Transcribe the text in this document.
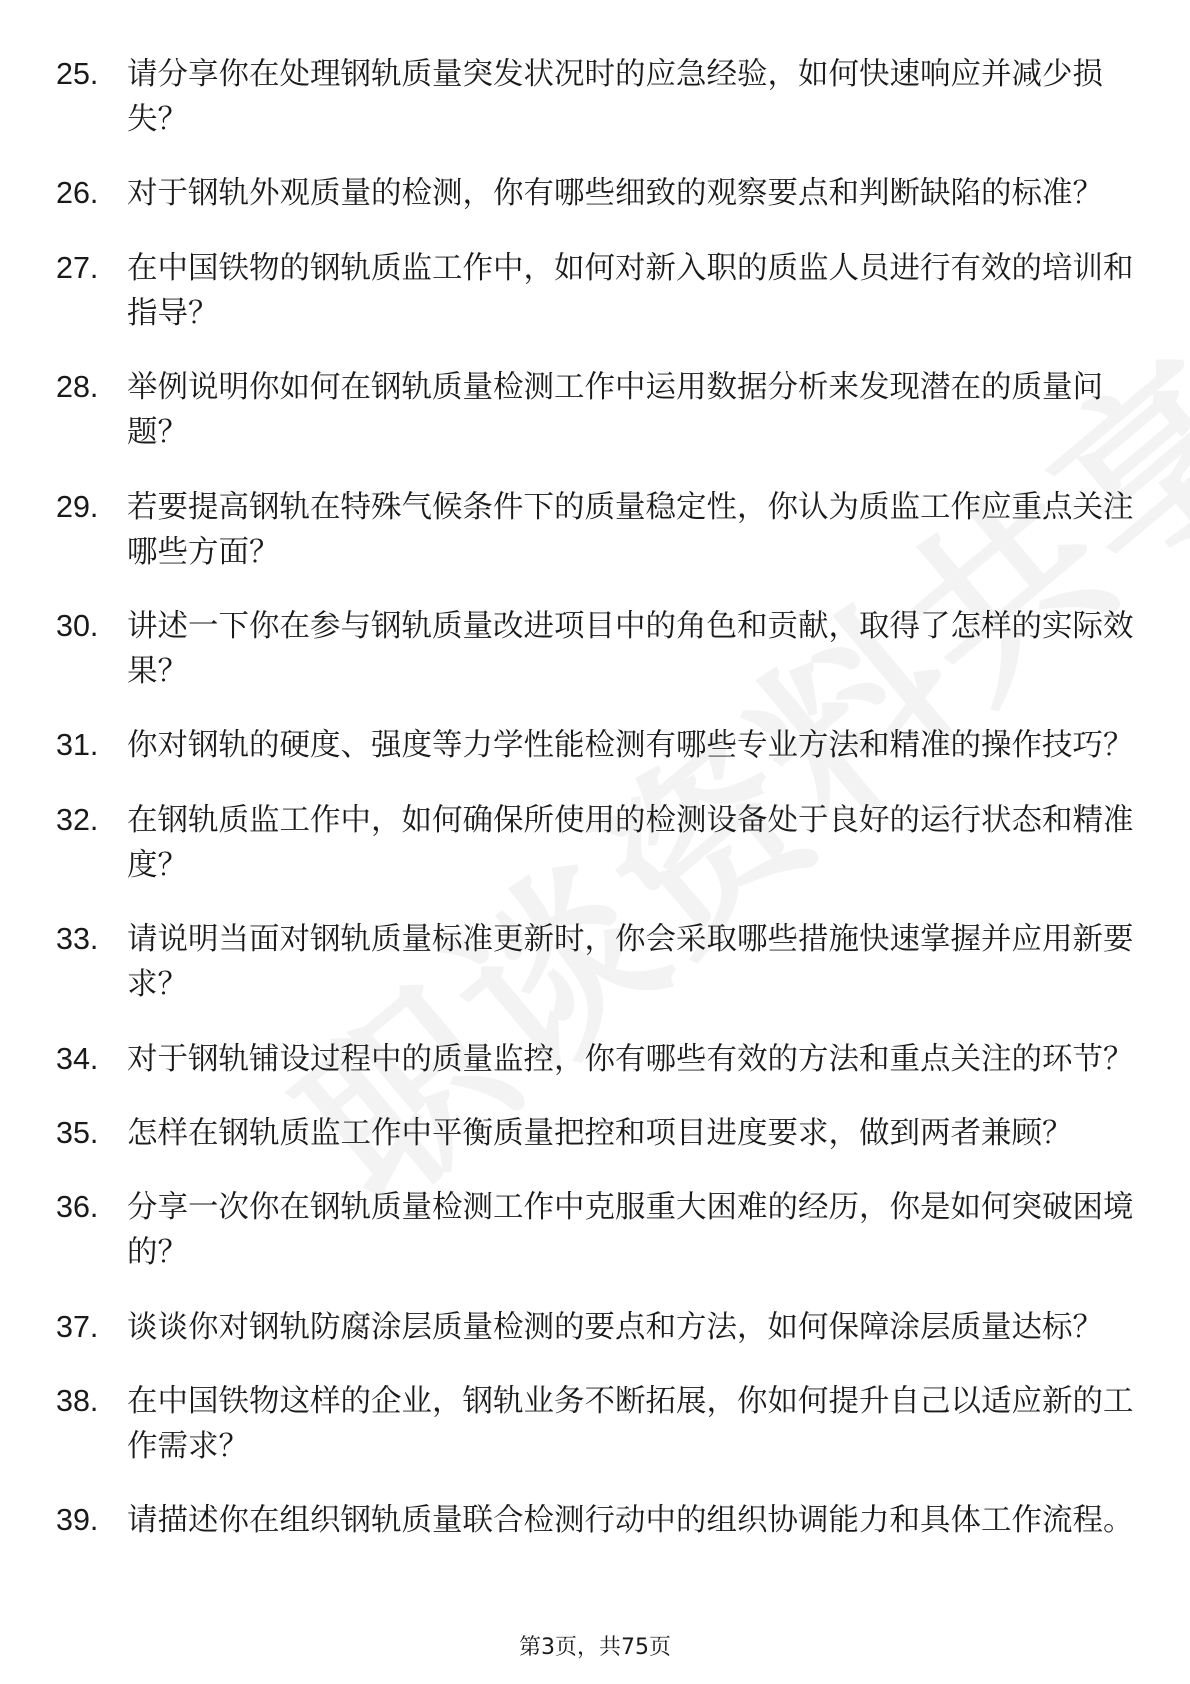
25. 请分享你在处理钢轨质量突发状况时的应急经验，如何快速响应并减少损失？
26. 对于钢轨外观质量的检测，你有哪些细致的观察要点和判断缺陷的标准？
27. 在中国铁物的钢轨质监工作中，如何对新入职的质监人员进行有效的培训和指导？
28. 举例说明你如何在钢轨质量检测工作中运用数据分析来发现潜在的质量问题？
29. 若要提高钢轨在特殊气候条件下的质量稳定性，你认为质监工作应重点关注哪些方面？
30. 讲述一下你在参与钢轨质量改进项目中的角色和贡献，取得了怎样的实际效果？
31. 你对钢轨的硬度、强度等力学性能检测有哪些专业方法和精准的操作技巧？
32. 在钢轨质监工作中，如何确保所使用的检测设备处于良好的运行状态和精准度？
33. 请说明当面对钢轨质量标准更新时，你会采取哪些措施快速掌握并应用新要求？
34. 对于钢轨铺设过程中的质量监控，你有哪些有效的方法和重点关注的环节？
35. 怎样在钢轨质监工作中平衡质量把控和项目进度要求，做到两者兼顾？
36. 分享一次你在钢轨质量检测工作中克服重大困难的经历，你是如何突破困境的？
37. 谈谈你对钢轨防腐涂层质量检测的要点和方法，如何保障涂层质量达标？
38. 在中国铁物这样的企业，钢轨业务不断拓展，你如何提升自己以适应新的工作需求？
39. 请描述你在组织钢轨质量联合检测行动中的组织协调能力和具体工作流程。
第3页，共75页
